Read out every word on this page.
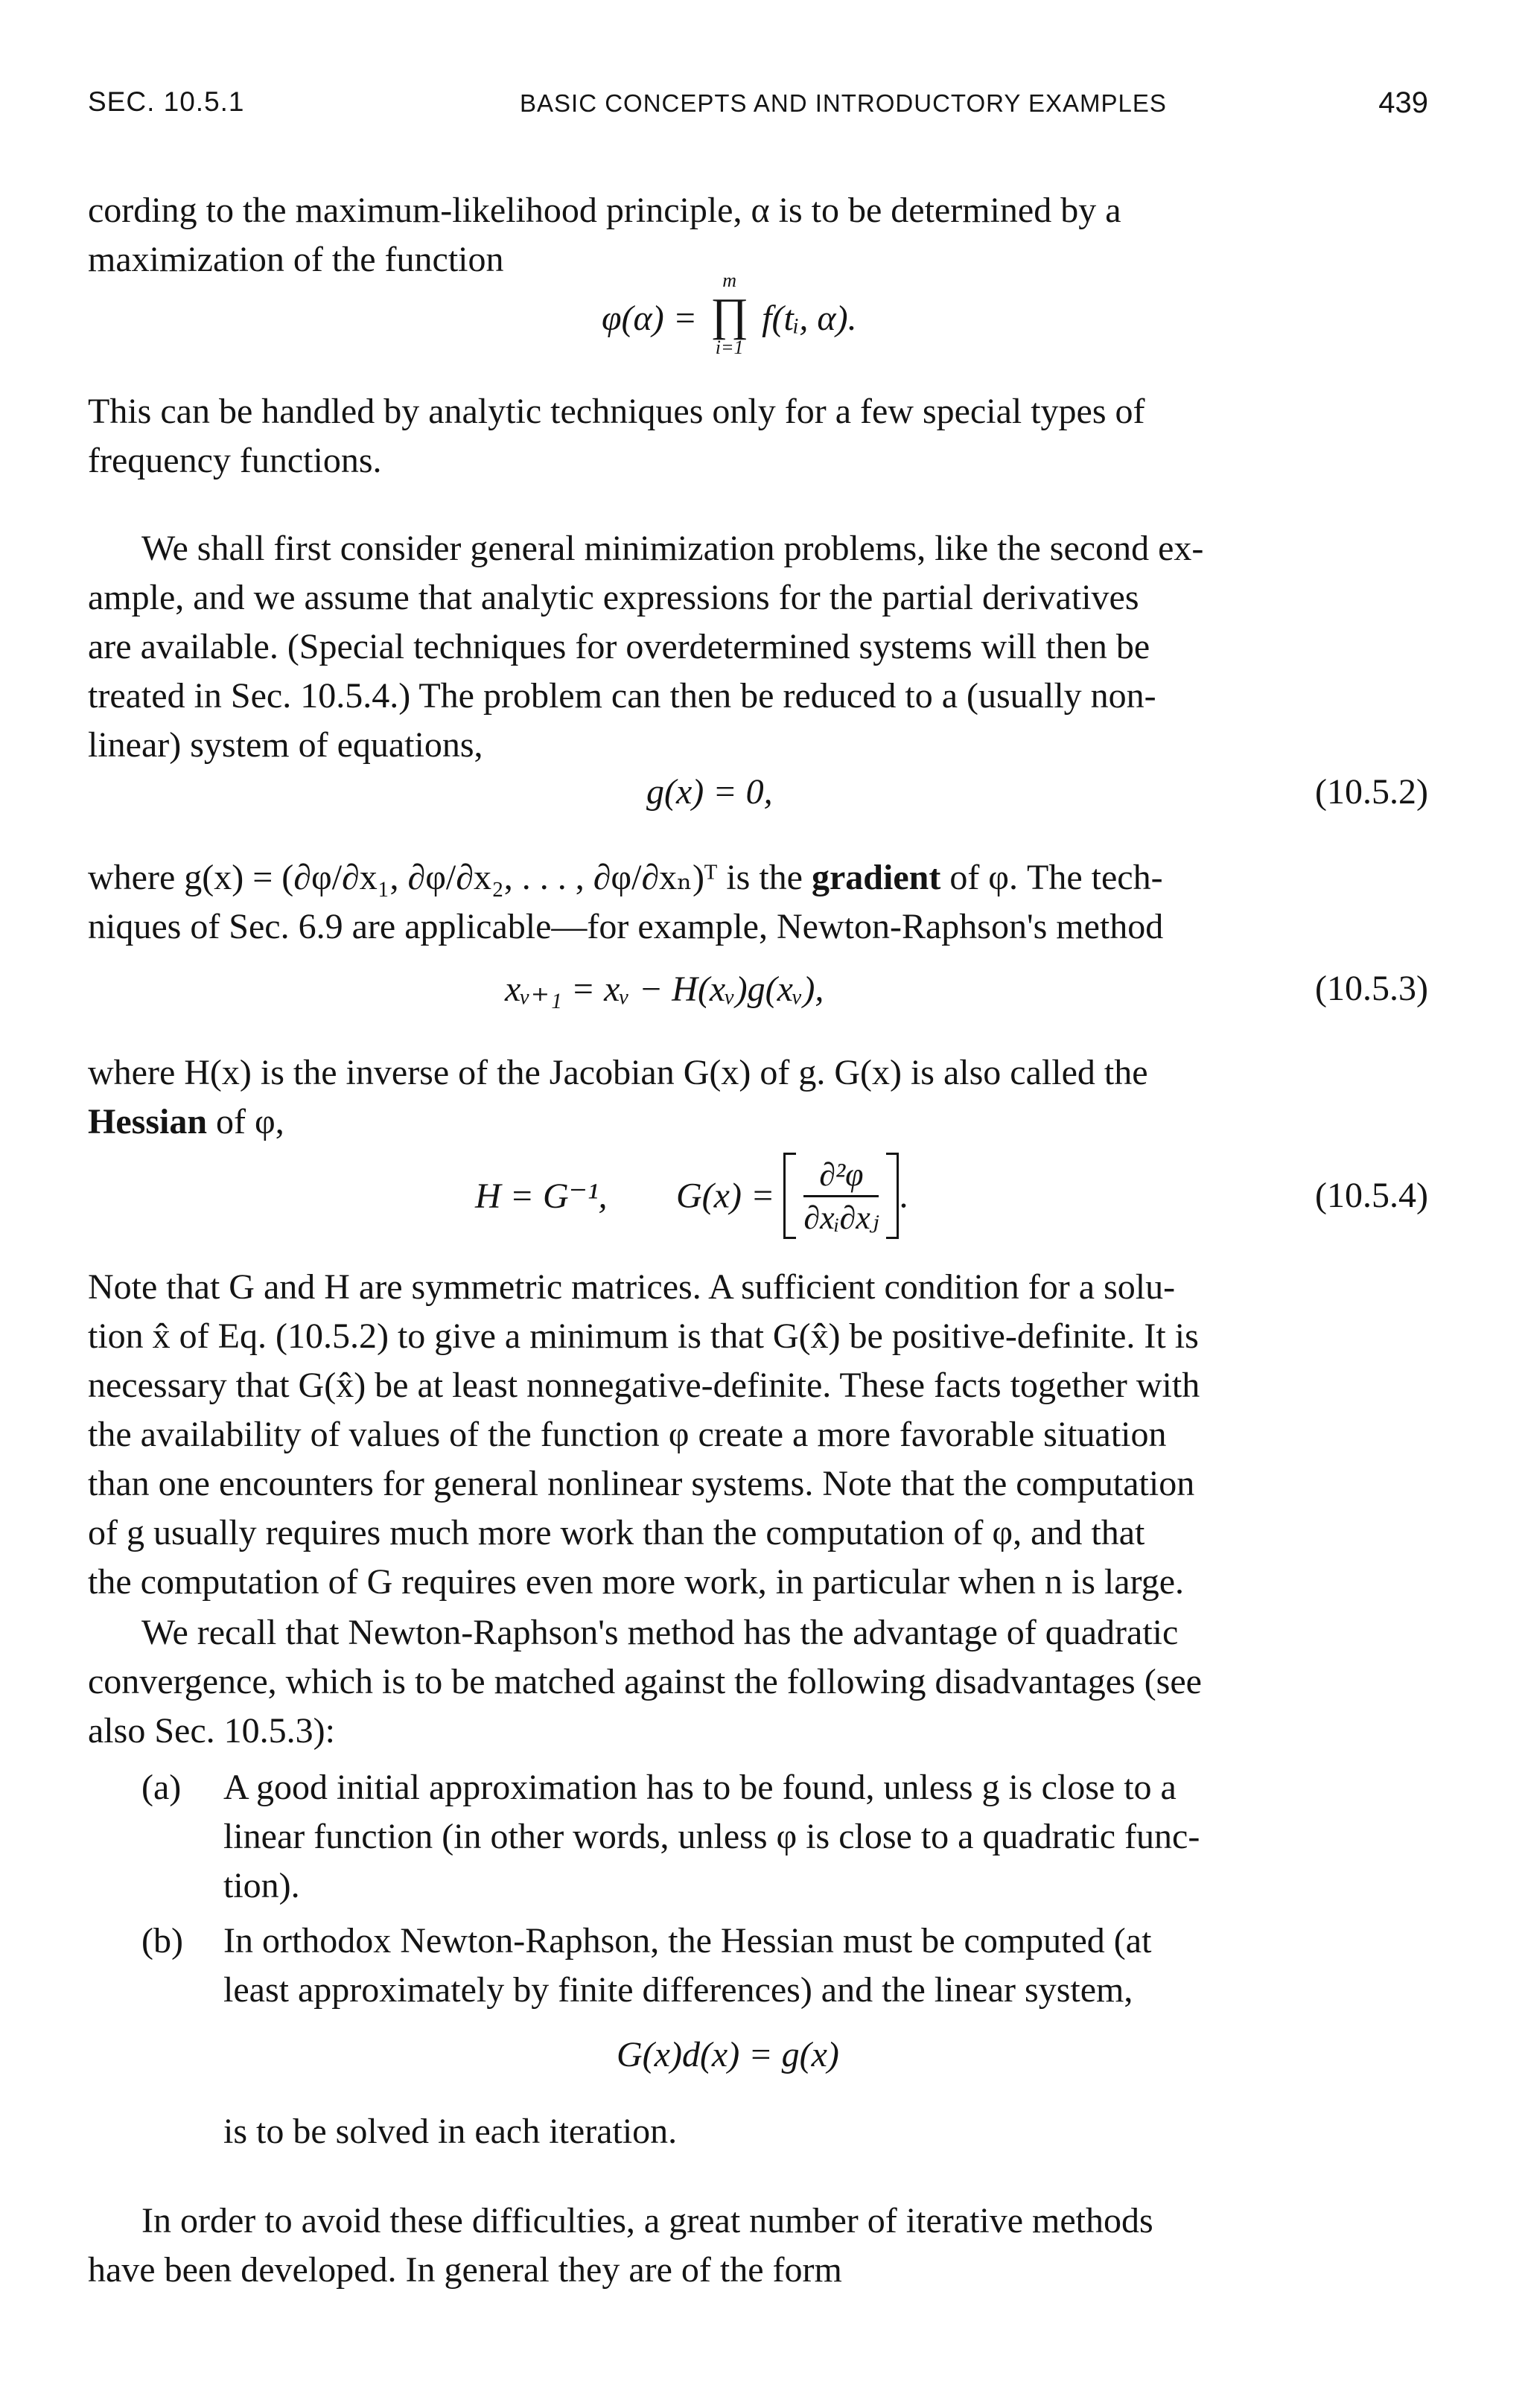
SEC. 10.5.1	BASIC CONCEPTS AND INTRODUCTORY EXAMPLES	439
cording to the maximum-likelihood principle, α is to be determined by a
maximization of the function
φ(α) = ∏
m
i=1
f(tᵢ, α).
This can be handled by analytic techniques only for a few special types of
frequency functions.
We shall first consider general minimization problems, like the second ex-
ample, and we assume that analytic expressions for the partial derivatives
are available. (Special techniques for overdetermined systems will then be
treated in Sec. 10.5.4.) The problem can then be reduced to a (usually non-
linear) system of equations,
g(x) = 0,	(10.5.2)
where g(x) = (∂φ/∂x₁, ∂φ/∂x₂, . . . , ∂φ/∂xₙ)ᵀ is the gradient of φ. The tech-
niques of Sec. 6.9 are applicable—for example, Newton-Raphson's method
xᵥ₊₁ = xᵥ − H(xᵥ)g(xᵥ),	(10.5.3)
where H(x) is the inverse of the Jacobian G(x) of g. G(x) is also called the
Hessian of φ,
H = G⁻¹, $G(x) = \frac{\text{∂²φ}}{\text{∂xᵢ∂xⱼ}}$ .	(10.5.4)
Note that G and H are symmetric matrices. A sufficient condition for a solu-
tion x̂ of Eq. (10.5.2) to give a minimum is that G(x̂) be positive-definite. It is
necessary that G(x̂) be at least nonnegative-definite. These facts together with
the availability of values of the function φ create a more favorable situation
than one encounters for general nonlinear systems. Note that the computation
of g usually requires much more work than the computation of φ, and that
the computation of G requires even more work, in particular when n is large.
We recall that Newton-Raphson's method has the advantage of quadratic
convergence, which is to be matched against the following disadvantages (see
also Sec. 10.5.3):
(a) A good initial approximation has to be found, unless g is close to a
linear function (in other words, unless φ is close to a quadratic func-
tion).
(b) In orthodox Newton-Raphson, the Hessian must be computed (at
least approximately by finite differences) and the linear system,
G(x)d(x) = g(x)
is to be solved in each iteration.
In order to avoid these difficulties, a great number of iterative methods
have been developed. In general they are of the form
